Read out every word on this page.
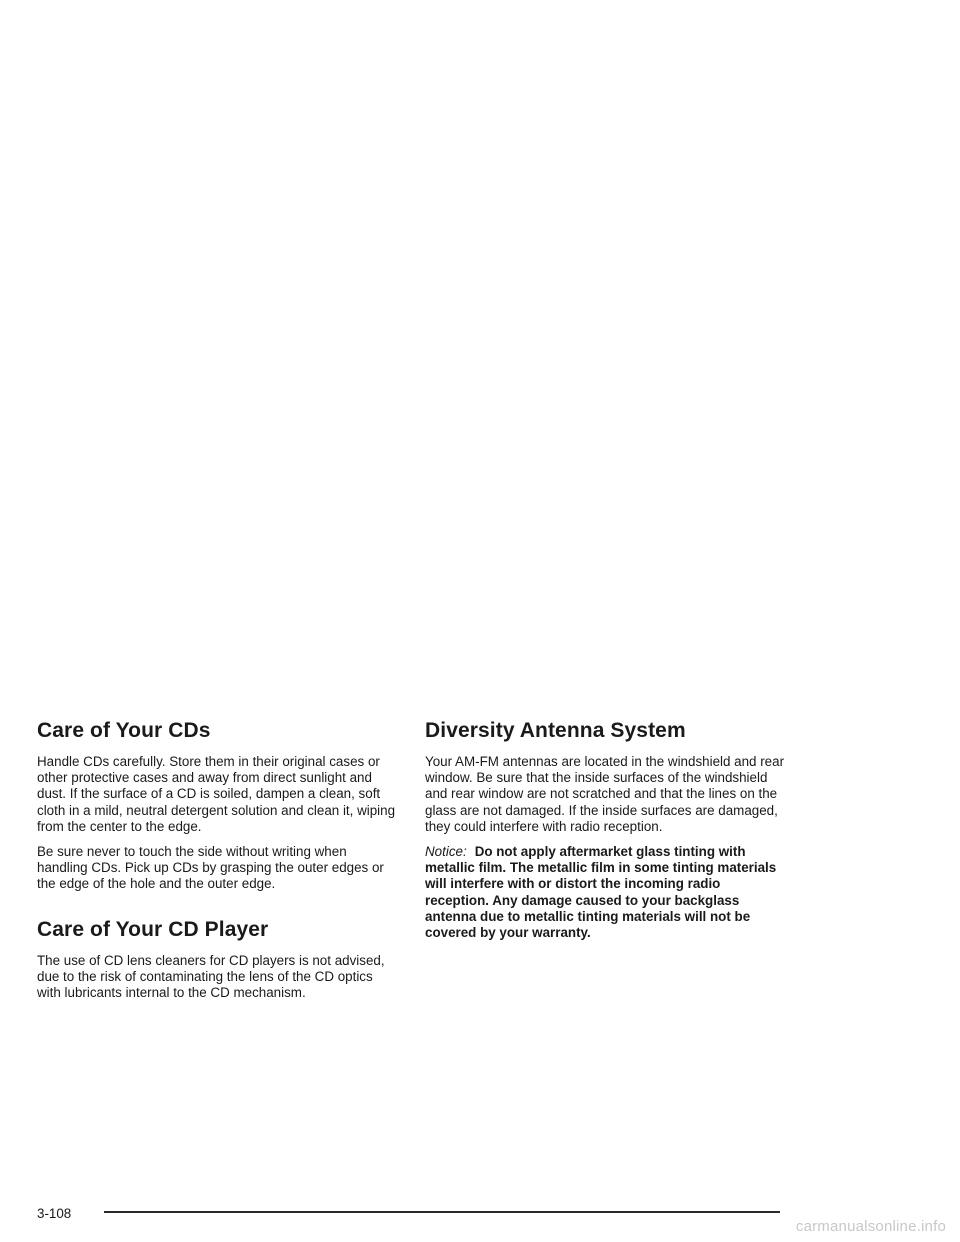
Care of Your CDs

Handle CDs carefully. Store them in their original cases or other protective cases and away from direct sunlight and dust. If the surface of a CD is soiled, dampen a clean, soft cloth in a mild, neutral detergent solution and clean it, wiping from the center to the edge.

Be sure never to touch the side without writing when handling CDs. Pick up CDs by grasping the outer edges or the edge of the hole and the outer edge.

Care of Your CD Player

The use of CD lens cleaners for CD players is not advised, due to the risk of contaminating the lens of the CD optics with lubricants internal to the CD mechanism.

Diversity Antenna System

Your AM-FM antennas are located in the windshield and rear window. Be sure that the inside surfaces of the windshield and rear window are not scratched and that the lines on the glass are not damaged. If the inside surfaces are damaged, they could interfere with radio reception.

Notice: Do not apply aftermarket glass tinting with metallic film. The metallic film in some tinting materials will interfere with or distort the incoming radio reception. Any damage caused to your backglass antenna due to metallic tinting materials will not be covered by your warranty.

3-108
carmanualsonline.info
